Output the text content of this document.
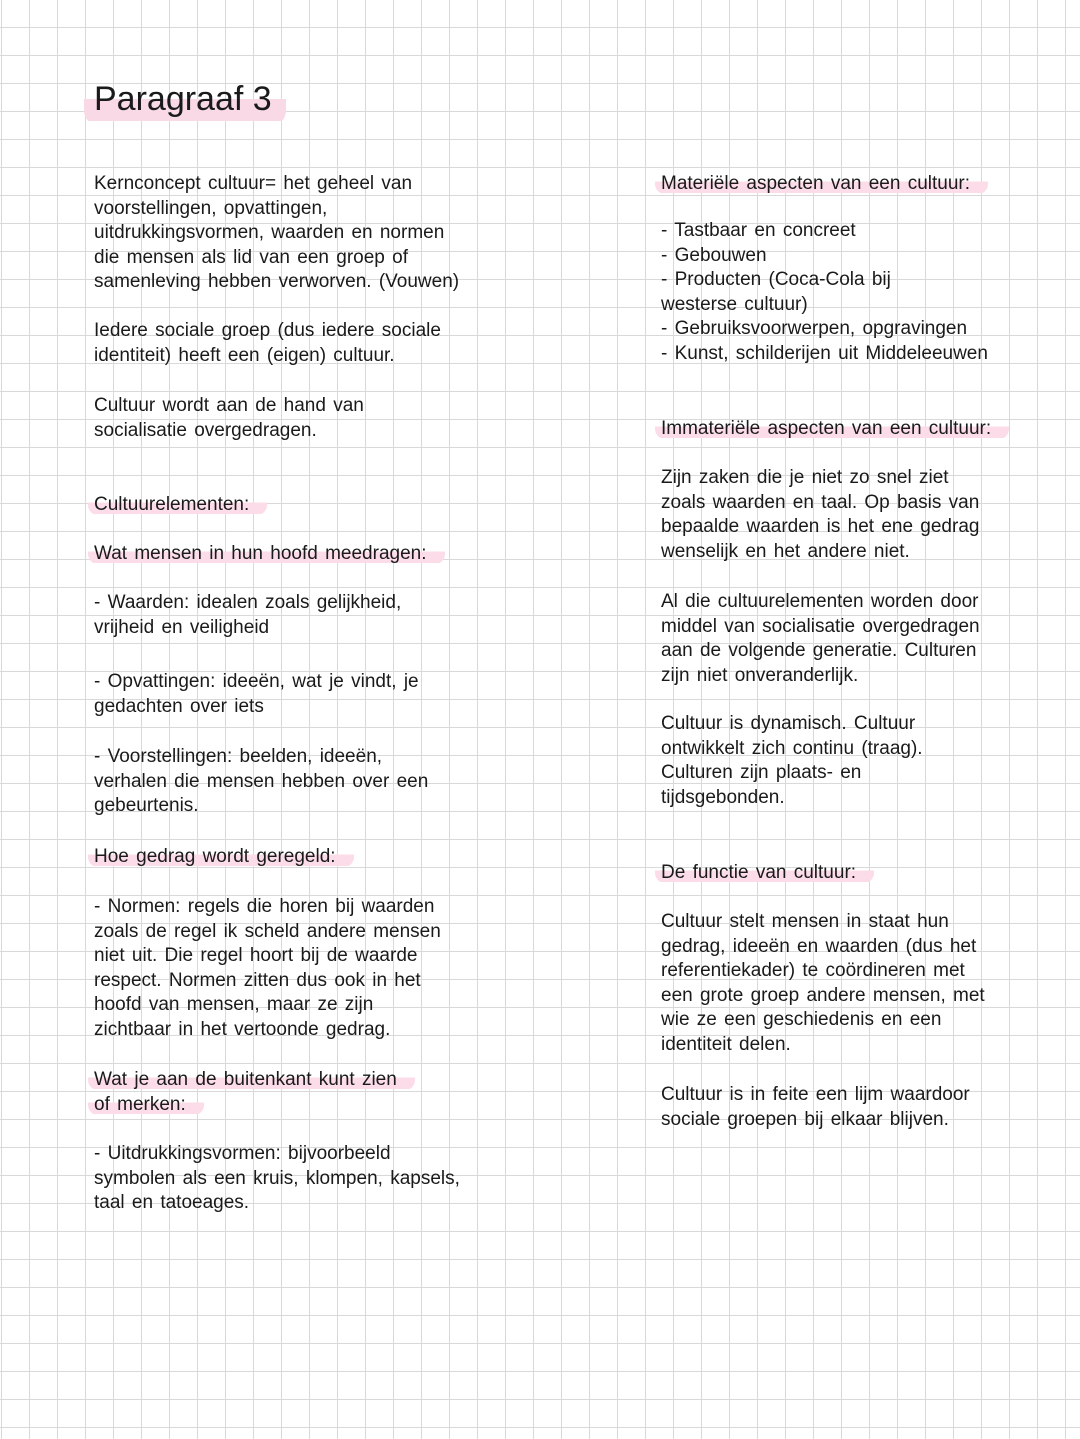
Paragraaf 3
Kernconcept cultuur= het geheel van
voorstellingen, opvattingen,
uitdrukkingsvormen, waarden en normen
die mensen als lid van een groep of
samenleving hebben verworven. (Vouwen)
Iedere sociale groep (dus iedere sociale
identiteit) heeft een (eigen) cultuur.
Cultuur wordt aan de hand van
socialisatie overgedragen.
Cultuurelementen:
Wat mensen in hun hoofd meedragen:
- Waarden: idealen zoals gelijkheid,
vrijheid en veiligheid
- Opvattingen: ideeën, wat je vindt, je
gedachten over iets
- Voorstellingen: beelden, ideeën,
verhalen die mensen hebben over een
gebeurtenis.
Hoe gedrag wordt geregeld:
- Normen: regels die horen bij waarden
zoals de regel ik scheld andere mensen
niet uit. Die regel hoort bij de waarde
respect. Normen zitten dus ook in het
hoofd van mensen, maar ze zijn
zichtbaar in het vertoonde gedrag.
Wat je aan de buitenkant kunt zien
of merken:
- Uitdrukkingsvormen: bijvoorbeeld
symbolen als een kruis, klompen, kapsels,
taal en tatoeages.
Materiële aspecten van een cultuur:
- Tastbaar en concreet
- Gebouwen
- Producten (Coca-Cola bij
westerse cultuur)
- Gebruiksvoorwerpen, opgravingen
- Kunst, schilderijen uit Middeleeuwen
Immateriële aspecten van een cultuur:
Zijn zaken die je niet zo snel ziet
zoals waarden en taal. Op basis van
bepaalde waarden is het ene gedrag
wenselijk en het andere niet.
Al die cultuurelementen worden door
middel van socialisatie overgedragen
aan de volgende generatie. Culturen
zijn niet onveranderlijk.
Cultuur is dynamisch. Cultuur
ontwikkelt zich continu (traag).
Culturen zijn plaats- en
tijdsgebonden.
De functie van cultuur:
Cultuur stelt mensen in staat hun
gedrag, ideeën en waarden (dus het
referentiekader) te coördineren met
een grote groep andere mensen, met
wie ze een geschiedenis en een
identiteit delen.
Cultuur is in feite een lijm waardoor
sociale groepen bij elkaar blijven.
